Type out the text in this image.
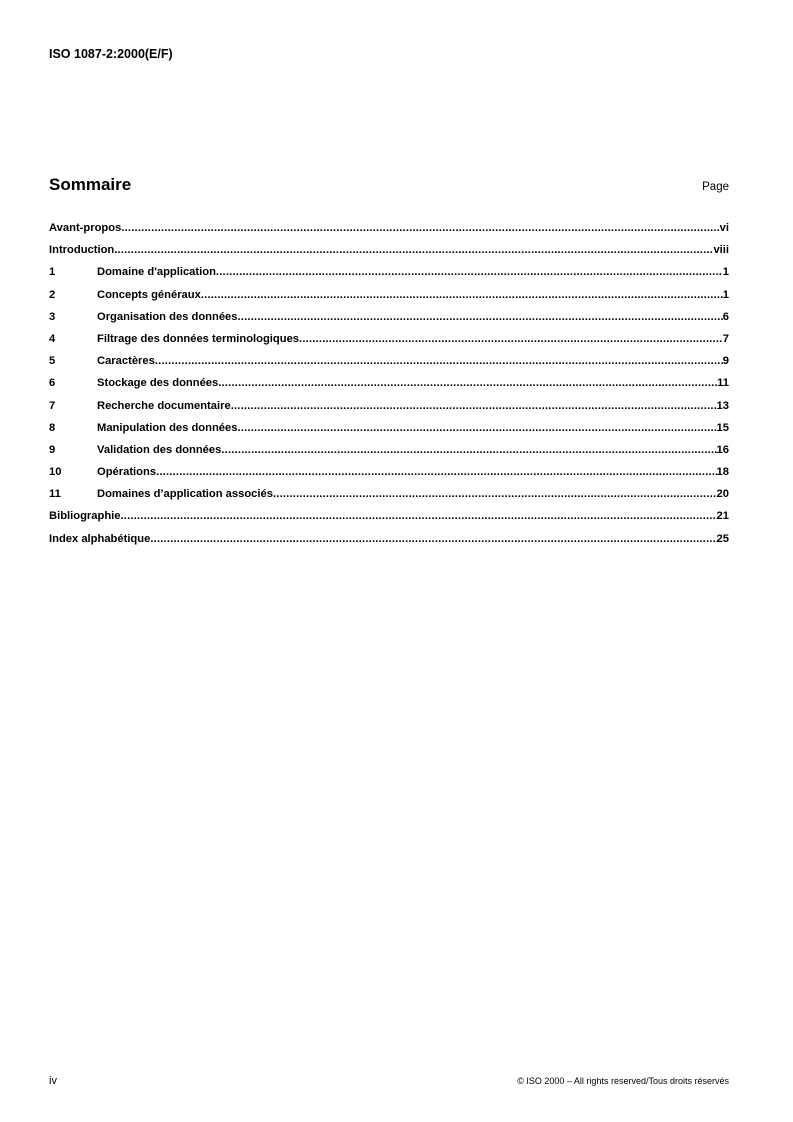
ISO 1087-2:2000(E/F)
Sommaire	Page
Avant-propos .....	vi
Introduction .....	viii
1	Domaine d'application .....	1
2	Concepts généraux .....	1
3	Organisation des données .....	6
4	Filtrage des données terminologiques .....	7
5	Caractères .....	9
6	Stockage des données .....	11
7	Recherche documentaire .....	13
8	Manipulation des données .....	15
9	Validation des données .....	16
10	Opérations .....	18
11	Domaines d’application associés .....	20
Bibliographie .....	21
Index alphabétique .....	25
iv	© ISO 2000 – All rights reserved/Tous droits réservés
